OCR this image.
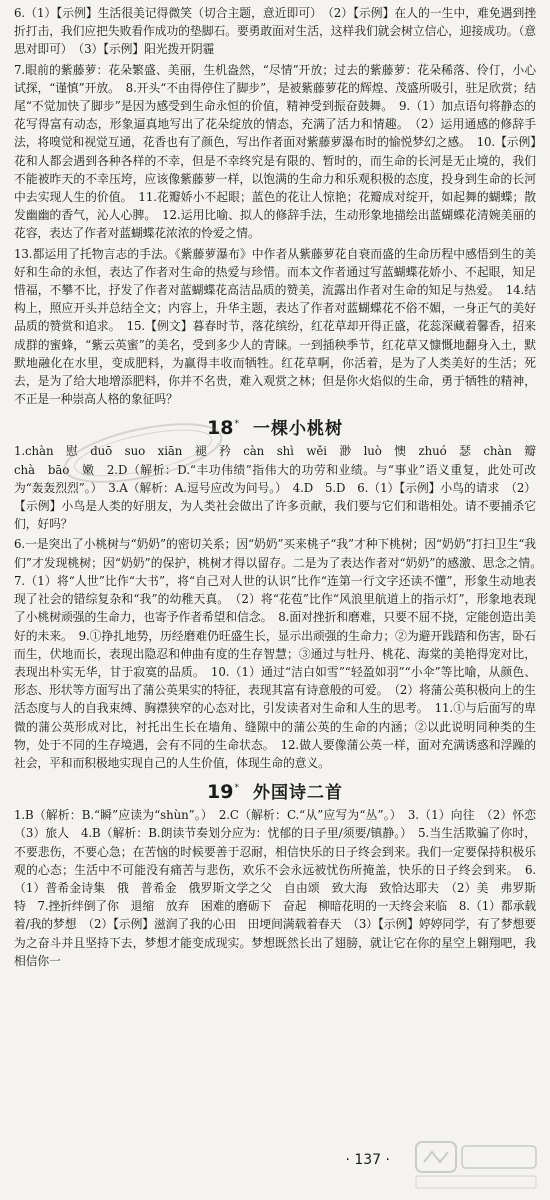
6.（1）【示例】生活很美记得微笑（切合主题，意近即可）　（2）【示例】在人的一生中，难免遇到挫折打击，我们应把失败看作成功的垫脚石。要勇敢面对生活，这样我们就会树立信心，迎接成功。（意思对即可）　（3）【示例】阳光拨开阴霾

7.眼前的紫藤萝：花朵繁盛、美丽，生机盎然，“尽情”开放；过去的紫藤萝：花朵稀落、伶仃，小心试探，“谨慎”开放。　8.开头“不由得停住了脚步”，是被紫藤萝花的辉煌、茂盛所吸引，驻足欣赏；结尾“不觉加快了脚步”是因为感受到生命永恒的价值，精神受到振奋鼓舞。　9.（1）加点语句将静态的花写得富有动态，形象逼真地写出了花朵绽放的情态，充满了活力和情趣。　（2）运用通感的修辞手法，将嗅觉和视觉互通，花香也有了颜色，写出作者面对紫藤萝瀑布时的愉悦梦幻之感。　10.【示例】花和人都会遇到各种各样的不幸，但是不幸终究是有限的、暂时的，而生命的长河是无止境的，我们不能被昨天的不幸压垮，应该像紫藤萝一样，以饱满的生命力和乐观积极的态度，投身到生命的长河中去实现人生的价值。　11.花瓣娇小不起眼；蓝色的花让人惊艳；花瓣成对绽开，如起舞的蝴蝶；散发幽幽的香气，沁人心脾。　12.运用比喻、拟人的修辞手法，生动形象地描绘出蓝蝴蝶花清婉美丽的花容，表达了作者对蓝蝴蝶花浓浓的怜爱之情。

13.都运用了托物言志的手法。《紫藤萝瀑布》中作者从紫藤萝花自衰而盛的生命历程中感悟到生的美好和生命的永恒，表达了作者对生命的热爱与珍惜。而本文作者通过写蓝蝴蝶花娇小、不起眼，知足惜福，不攀不比，抒发了作者对蓝蝴蝶花高洁品质的赞美，流露出作者对生命的知足与热爱。　14.结构上，照应开头并总结全文；内容上，升华主题，表达了作者对蓝蝴蝶花不俗不媚，一身正气的美好品质的赞赏和追求。　15.【例文】暮春时节，落花缤纷，红花草却开得正盛，花蕊深藏着馨香，招来成群的蜜蜂，“紫云英蜜”的美名，受到多少人的青睐。一到插秧季节，红花草又慷慨地翻身入土，默默地融化在水里，变成肥料，为赢得丰收而牺牲。红花草啊，你活着，是为了人类美好的生活；死去，是为了给大地增添肥料，你并不名贵，难入观赏之林；但是你火焰似的生命，勇于牺牲的精神，不正是一种崇高人格的象征吗？

18* 一棵小桃树

1.chàn　慰　duō　suo　xiān　褪　矜　càn　shì　wěi　渺　luò　懊　zhuó　瑟　chàn　瓣　chà　bāo　嫩　2.D（解析：D.“丰功伟绩”指伟大的功劳和业绩。与“事业”语义重复，此处可改为“轰轰烈烈”。）　3.A（解析：A.逗号应改为问号。）　4.D　5.D　6.（1）【示例】小鸟的请求　（2）【示例】小鸟是人类的好朋友，为人类社会做出了许多贡献，我们要与它们和谐相处。请不要捕杀它们，好吗？

6.一是突出了小桃树与“奶奶”的密切关系；因“奶奶”买来桃子“我”才种下桃树；因“奶奶”打扫卫生“我们”才发现桃树；因“奶奶”的保护，桃树才得以留存。二是为了表达作者对“奶奶”的感激、思念之情。　7.（1）将“人世”比作“大书”，将“自己对人世的认识”比作“连第一行文字还读不懂”，形象生动地表现了社会的错综复杂和“我”的幼稚天真。　（2）将“花苞”比作“风浪里航道上的指示灯”，形象地表现了小桃树顽强的生命力，也寄予作者希望和信念。　8.面对挫折和磨难，只要不屈不挠，定能创造出美好的未来。　9.①挣扎地势，历经磨难仍旺盛生长，显示出顽强的生命力；②为避开践踏和伤害，卧石而生，伏地而长，表现出隐忍和伸曲有度的生存智慧；③通过与牡丹、桃花、海棠的美艳得宠对比，表现出朴实无华，甘于寂寞的品质。　10.（1）通过“洁白如雪”“轻盈如羽”“小伞”等比喻，从颜色、形态、形状等方面写出了蒲公英果实的特征，表现其富有诗意般的可爱。　（2）将蒲公英积极向上的生活态度与人的自我束缚、胸襟狭窄的心态对比，引发读者对生命和人生的思考。　11.①与后面写的卑微的蒲公英形成对比，衬托出生长在墙角、缝隙中的蒲公英的生命的内涵；②以此说明同种类的生物，处于不同的生存境遇，会有不同的生命状态。　12.做人要像蒲公英一样，面对充满诱惑和浮躁的社会，平和而积极地实现自己的人生价值，体现生命的意义。

19* 外国诗二首

1.B（解析：B.“瞬”应读为“shùn”。）　2.C（解析：C.“从”应写为“丛”。）　3.（1）向往　（2）怀恋　（3）旅人　4.B（解析：B.朗读节奏划分应为：忧郁的日子里/须要/镇静。）　5.当生活欺骗了你时，不要悲伤，不要心急；在苦恼的时候要善于忍耐，相信快乐的日子终会到来。我们一定要保持积极乐观的心态；生活中不可能没有痛苦与悲伤，欢乐不会永远被忧伤所掩盖，快乐的日子终会到来。　6.（1）普希金诗集　俄　普希金　俄罗斯文学之父　自由颂　致大海　致恰达耶夫　（2）美　弗罗斯特　7.挫折绊倒了你　退缩　放弃　困难的磨砺下　奋起　柳暗花明的一天终会来临　8.（1）都承载着/我的梦想　（2）【示例】滋润了我的心田　田埂间满载着春天　（3）【示例】婷婷同学，有了梦想要为之奋斗并且坚持下去，梦想才能变成现实。梦想既然长出了翅膀，就让它在你的星空上翱翔吧，我相信你一

· 137 ·
